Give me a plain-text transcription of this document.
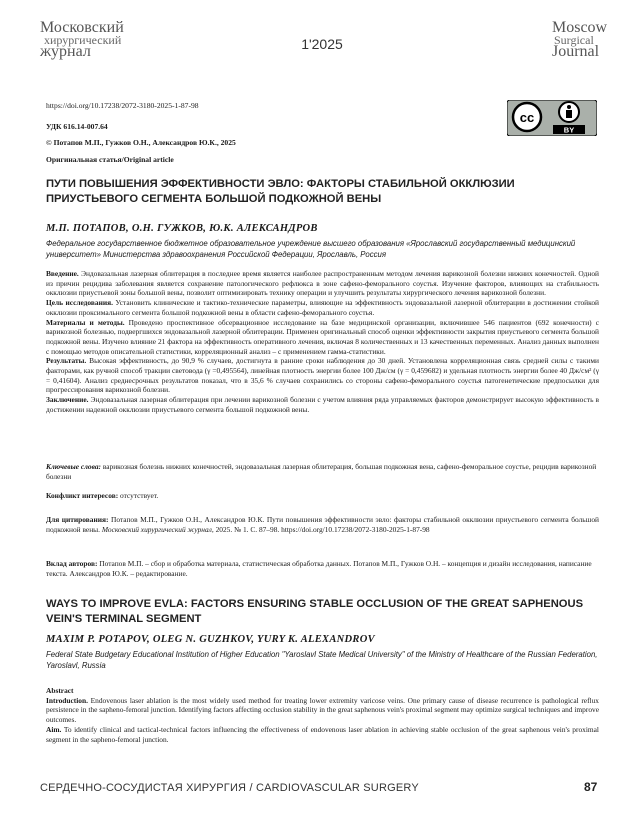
Московский
хирургический
журнал	1'2025
Moscow
Surgical
Journal
https://doi.org/10.17238/2072-3180-2025-1-87-98
УДК 616.14-007.64
© Потапов М.П., Гужков О.Н., Александров Ю.К., 2025
Оригинальная статья/Original article
cc
BY
ПУТИ ПОВЫШЕНИЯ ЭФФЕКТИВНОСТИ ЭВЛО: ФАКТОРЫ СТАБИЛЬНОЙ ОККЛЮЗИИ ПРИУСТЬЕВОГО СЕГМЕНТА БОЛЬШОЙ ПОДКОЖНОЙ ВЕНЫ
М.П. ПОТАПОВ, О.Н. ГУЖКОВ, Ю.К. АЛЕКСАНДРОВ
Федеральное государственное бюджетное образовательное учреждение высшего образования «Ярославский государственный медицинский университет» Министерства здравоохранения Российской Федерации, Ярославль, Россия

Введение. Эндовазальная лазерная облитерация в последнее время является наиболее распространенным методом лечения варикозной болезни нижних конечностей. Одной из причин рецидива заболевания является сохранение патологического рефлюкса в зоне сафено-феморального соустья. Изучение факторов, влияющих на стабильность окклюзии приустьевой зоны большой вены, позволит оптимизировать технику операции и улучшить результаты хирургического лечения варикозной болезни.

Цель исследования. Установить клинические и тактико-технические параметры, влияющие на эффективность эндовазальной лазерной облитерации в достижении стойкой окклюзии проксимального сегмента большой подкожной вены в области сафено-феморального соустья.

Материалы и методы. Проведено проспективное обсервационное исследование на базе медицинской организации, включившее 546 пациентов (692 конечности) с варикозной болезнью, подвергшихся эндовазальной лазерной облитерации. Применен оригинальный способ оценки эффективности закрытия приустьевого сегмента большой подкожной вены. Изучено влияние 21 фактора на эффективность оперативного лечения, включая 8 количественных и 13 качественных переменных. Анализ данных выполнен с помощью методов описательной статистики, корреляционный анализ – с применением гамма-статистики.

Результаты. Высокая эффективность, до 90,9 % случаев, достигнута в ранние сроки наблюдения до 30 дней. Установлена корреляционная связь средней силы с такими факторами, как ручной способ тракции световода (γ =0,495564), линейная плотность энергии более 100 Дж/см (γ = 0,459682) и удельная плотность энергии более 40 Дж/см² (γ = 0,41604). Анализ среднесрочных результатов показал, что в 35,6 % случаев сохранились со стороны сафено-феморального соустья патогенетические предпосылки для прогрессирования варикозной болезни.

Заключение. Эндовазальная лазерная облитерация при лечении варикозной болезни с учетом влияния ряда управляемых факторов демонстрирует высокую эффективность в достижении надежной окклюзии приустьевого сегмента большой подкожной вены.

Ключевые слова: варикозная болезнь нижних конечностей, эндовазальная лазерная облитерация, большая подкожная вена, сафено-феморальное соустье, рецидив варикозной болезни
Конфликт интересов: отсутствует.
Для цитирования: Потапов М.П., Гужков О.Н., Александров Ю.К. Пути повышения эффективности эвло: факторы стабильной окклюзии приустьевого сегмента большой подкожной вены. Московский хирургический журнал, 2025. № 1. С. 87–98. https://doi.org/10.17238/2072-3180-2025-1-87-98
Вклад авторов: Потапов М.П. – сбор и обработка материала, статистическая обработка данных. Потапов М.П., Гужков О.Н. – концепция и дизайн исследования, написание текста. Александров Ю.К. – редактирование.
WAYS TO IMPROVE EVLA: FACTORS ENSURING STABLE OCCLUSION OF THE GREAT SAPHENOUS VEIN'S TERMINAL SEGMENT
MAXIM P. POTAPOV, OLEG N. GUZHKOV, YURY K. ALEXANDROV
Federal State Budgetary Educational Institution of Higher Education "Yaroslavl State Medical University" of the Ministry of Healthcare of the Russian Federation, Yaroslavl, Russia

Abstract

Introduction. Endovenous laser ablation is the most widely used method for treating lower extremity varicose veins. One primary cause of disease recurrence is pathological reflux persistence in the sapheno-femoral junction. Identifying factors affecting occlusion stability in the great saphenous vein's proximal segment may optimize surgical techniques and improve outcomes.

Aim. To identify clinical and tactical-technical factors influencing the effectiveness of endovenous laser ablation in achieving stable occlusion of the great saphenous vein's proximal segment in the sapheno-femoral junction.

СЕРДЕЧНО-СОСУДИСТАЯ ХИРУРГИЯ / CARDIOVASCULAR SURGERY	87
